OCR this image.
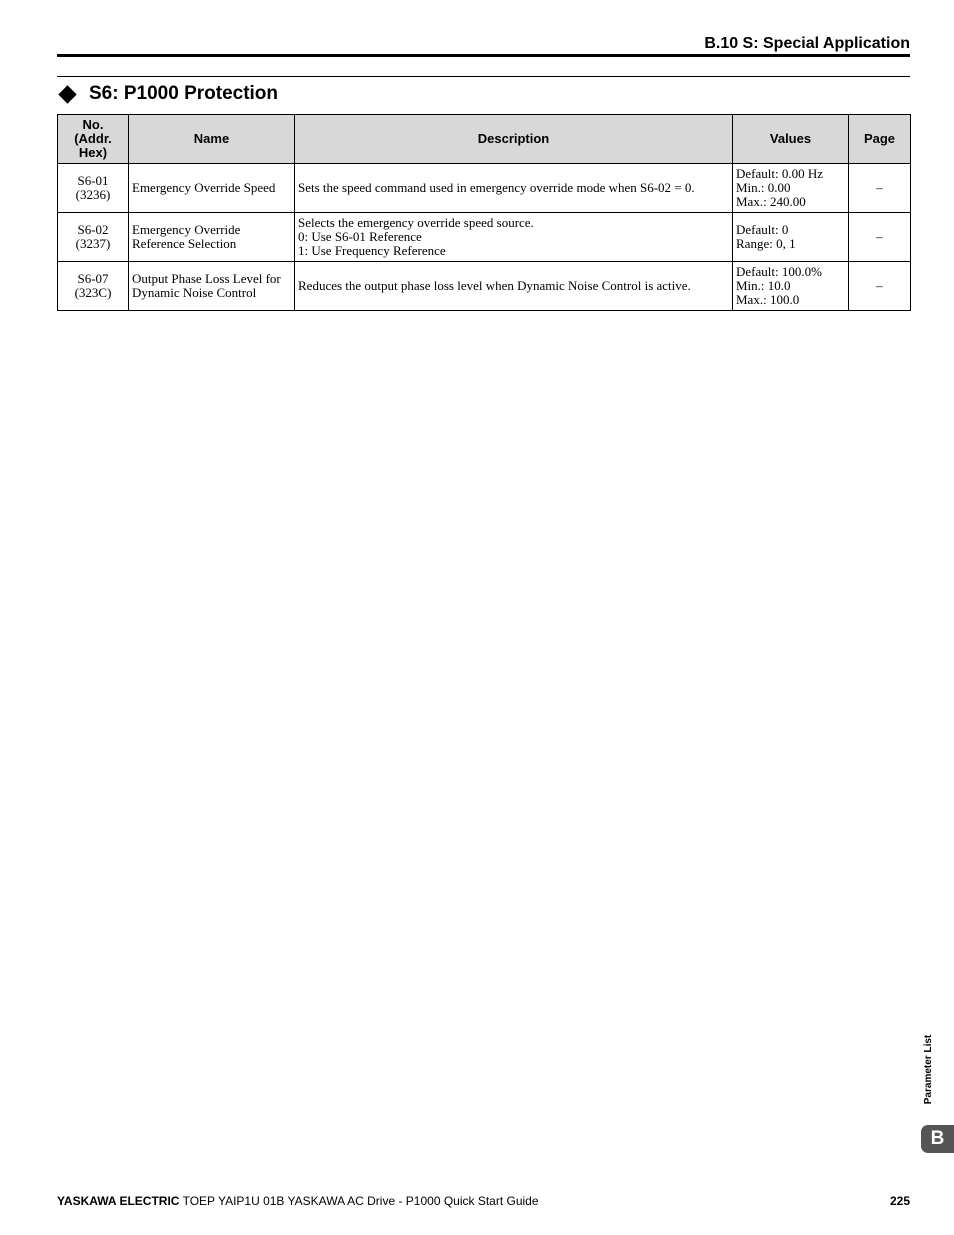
B.10 S: Special Application
S6: P1000 Protection
No.
(Addr.
Hex)	Name	Description	Values	Page

S6-01
(3236)	Emergency Override Speed	Sets the speed command used in emergency override mode when S6-02 = 0.	Default: 0.00 Hz
Min.: 0.00
Max.: 240.00	–

S6-02
(3237)	Emergency Override
Reference Selection	Selects the emergency override speed source.
0: Use S6-01 Reference
1: Use Frequency Reference	Default: 0
Range: 0, 1	–

S6-07
(323C)	Output Phase Loss Level for
Dynamic Noise Control	Reduces the output phase loss level when Dynamic Noise Control is active.	Default: 100.0%
Min.: 10.0
Max.: 100.0	–
Parameter List
B
YASKAWA ELECTRIC TOEP YAIP1U 01B YASKAWA AC Drive - P1000 Quick Start Guide	225
